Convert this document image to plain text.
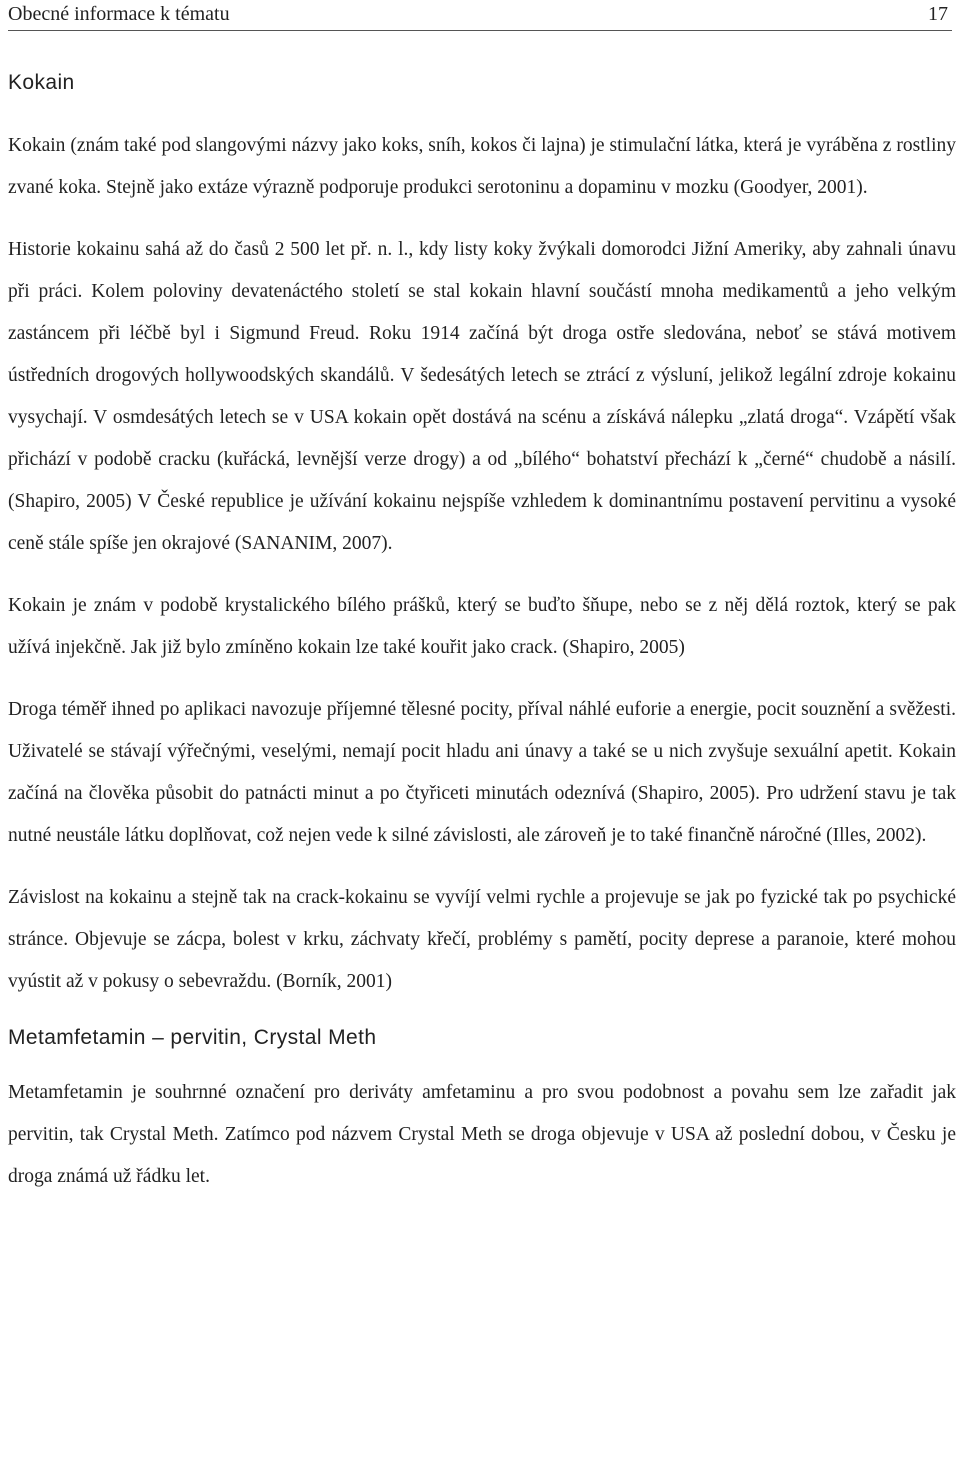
Obecné informace k tématu	17
Kokain

Kokain (znám také pod slangovými názvy jako koks, sníh, kokos či lajna) je stimulační látka, která je vyráběna z rostliny zvané koka. Stejně jako extáze výrazně podporuje produkci serotoninu a dopaminu v mozku (Goodyer, 2001).

Historie kokainu sahá až do časů 2 500 let př. n. l., kdy listy koky žvýkali domorodci Jižní Ameriky, aby zahnali únavu při práci. Kolem poloviny devatenáctého století se stal kokain hlavní součástí mnoha medikamentů a jeho velkým zastáncem při léčbě byl i Sigmund Freud. Roku 1914 začíná být droga ostře sledována, neboť se stává motivem ústředních drogových hollywoodských skandálů. V šedesátých letech se ztrácí z výsluní, jelikož legální zdroje kokainu vysychají. V osmdesátých letech se v USA kokain opět dostává na scénu a získává nálepku „zlatá droga“. Vzápětí však přichází v podobě cracku (kuřácká, levnější verze drogy) a od „bílého“ bohatství přechází k „černé“ chudobě a násilí. (Shapiro, 2005) V České republice je užívání kokainu nejspíše vzhledem k dominantnímu postavení pervitinu a vysoké ceně stále spíše jen okrajové (SANANIM, 2007).

Kokain je znám v podobě krystalického bílého prášků, který se buďto šňupe, nebo se z něj dělá roztok, který se pak užívá injekčně. Jak již bylo zmíněno kokain lze také kouřit jako crack. (Shapiro, 2005)

Droga téměř ihned po aplikaci navozuje příjemné tělesné pocity, příval náhlé euforie a energie, pocit souznění a svěžesti. Uživatelé se stávají výřečnými, veselými, nemají pocit hladu ani únavy a také se u nich zvyšuje sexuální apetit. Kokain začíná na člověka působit do patnácti minut a po čtyřiceti minutách odeznívá (Shapiro, 2005). Pro udržení stavu je tak nutné neustále látku doplňovat, což nejen vede k silné závislosti, ale zároveň je to také finančně náročné (Illes, 2002).

Závislost na kokainu a stejně tak na crack-kokainu se vyvíjí velmi rychle a projevuje se jak po fyzické tak po psychické stránce. Objevuje se zácpa, bolest v krku, záchvaty křečí, problémy s pamětí, pocity deprese a paranoie, které mohou vyústit až v pokusy o sebevraždu. (Borník, 2001)

Metamfetamin – pervitin, Crystal Meth

Metamfetamin je souhrnné označení pro deriváty amfetaminu a pro svou podobnost a povahu sem lze zařadit jak pervitin, tak Crystal Meth. Zatímco pod názvem Crystal Meth se droga objevuje v USA až poslední dobou, v Česku je droga známá už řádku let.
